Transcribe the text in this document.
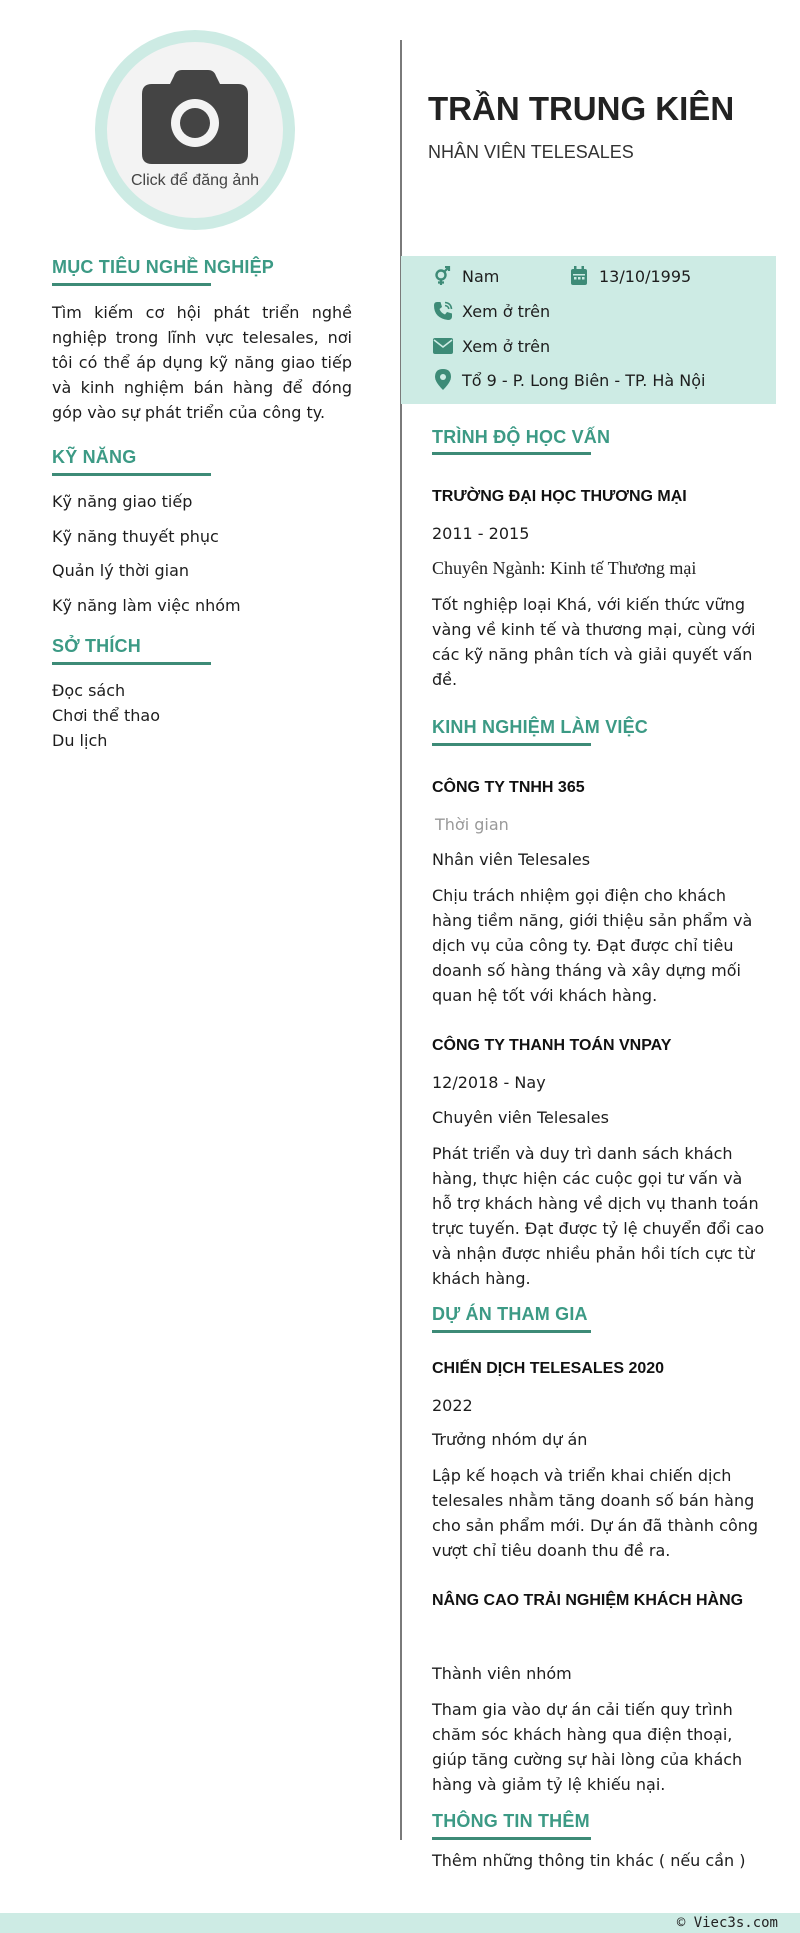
Click để đăng ảnh
MỤC TIÊU NGHỀ NGHIỆP
Tìm kiếm cơ hội phát triển nghề nghiệp trong lĩnh vực telesales, nơi tôi có thể áp dụng kỹ năng giao tiếp và kinh nghiệm bán hàng để đóng góp vào sự phát triển của công ty.
KỸ NĂNG
Kỹ năng giao tiếp
Kỹ năng thuyết phục
Quản lý thời gian
Kỹ năng làm việc nhóm
SỞ THÍCH
Đọc sách
Chơi thể thao
Du lịch
TRẦN TRUNG KIÊN
NHÂN VIÊN TELESALES
Nam	13/10/1995
Xem ở trên
Xem ở trên
Tổ 9 - P. Long Biên - TP. Hà Nội
TRÌNH ĐỘ HỌC VẤN
TRƯỜNG ĐẠI HỌC THƯƠNG MẠI
2011 - 2015
Chuyên Ngành: Kinh tế Thương mại
Tốt nghiệp loại Khá, với kiến thức vững vàng về kinh tế và thương mại, cùng với các kỹ năng phân tích và giải quyết vấn đề.
KINH NGHIỆM LÀM VIỆC
CÔNG TY TNHH 365
Thời gian
Nhân viên Telesales
Chịu trách nhiệm gọi điện cho khách hàng tiềm năng, giới thiệu sản phẩm và dịch vụ của công ty. Đạt được chỉ tiêu doanh số hàng tháng và xây dựng mối quan hệ tốt với khách hàng.
CÔNG TY THANH TOÁN VNPAY
12/2018 - Nay
Chuyên viên Telesales
Phát triển và duy trì danh sách khách hàng, thực hiện các cuộc gọi tư vấn và hỗ trợ khách hàng về dịch vụ thanh toán trực tuyến. Đạt được tỷ lệ chuyển đổi cao và nhận được nhiều phản hồi tích cực từ khách hàng.
DỰ ÁN THAM GIA
CHIẾN DỊCH TELESALES 2020
2022
Trưởng nhóm dự án
Lập kế hoạch và triển khai chiến dịch telesales nhằm tăng doanh số bán hàng cho sản phẩm mới. Dự án đã thành công vượt chỉ tiêu doanh thu đề ra.
NÂNG CAO TRẢI NGHIỆM KHÁCH HÀNG
Thành viên nhóm
Tham gia vào dự án cải tiến quy trình chăm sóc khách hàng qua điện thoại, giúp tăng cường sự hài lòng của khách hàng và giảm tỷ lệ khiếu nại.
THÔNG TIN THÊM
Thêm những thông tin khác ( nếu cần )
© Viec3s.com
